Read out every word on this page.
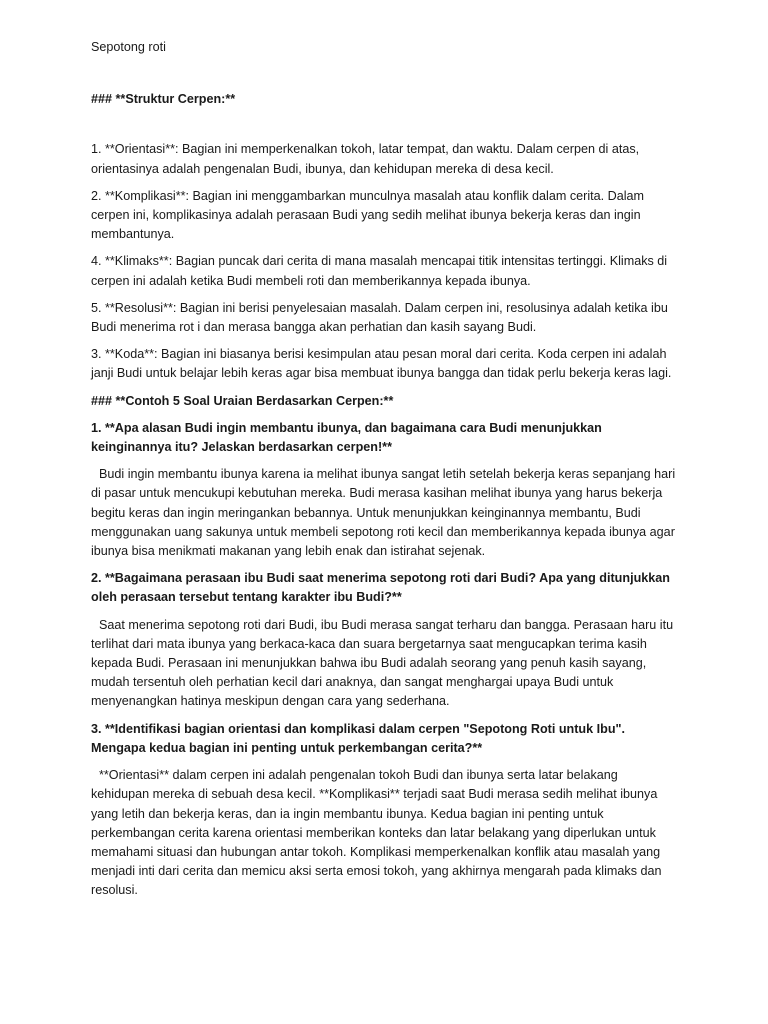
Sepotong roti
### **Struktur Cerpen:**

1. **Orientasi**: Bagian ini memperkenalkan tokoh, latar tempat, dan waktu. Dalam cerpen di atas, orientasinya adalah pengenalan Budi, ibunya, dan kehidupan mereka di desa kecil.

2. **Komplikasi**: Bagian ini menggambarkan munculnya masalah atau konflik dalam cerita. Dalam cerpen ini, komplikasinya adalah perasaan Budi yang sedih melihat ibunya bekerja keras dan ingin membantunya.

4. **Klimaks**: Bagian puncak dari cerita di mana masalah mencapai titik intensitas tertinggi. Klimaks di cerpen ini adalah ketika Budi membeli roti dan memberikannya kepada ibunya.

5. **Resolusi**: Bagian ini berisi penyelesaian masalah. Dalam cerpen ini, resolusinya adalah ketika ibu Budi menerima rot i dan merasa bangga akan perhatian dan kasih sayang Budi.

3. **Koda**: Bagian ini biasanya berisi kesimpulan atau pesan moral dari cerita. Koda cerpen ini adalah janji Budi untuk belajar lebih keras agar bisa membuat ibunya bangga dan tidak perlu bekerja keras lagi.

### **Contoh 5 Soal Uraian Berdasarkan Cerpen:**

1. **Apa alasan Budi ingin membantu ibunya, dan bagaimana cara Budi menunjukkan keinginannya itu? Jelaskan berdasarkan cerpen!**

Budi ingin membantu ibunya karena ia melihat ibunya sangat letih setelah bekerja keras sepanjang hari di pasar untuk mencukupi kebutuhan mereka. Budi merasa kasihan melihat ibunya yang harus bekerja begitu keras dan ingin meringankan bebannya. Untuk menunjukkan keinginannya membantu, Budi menggunakan uang sakunya untuk membeli sepotong roti kecil dan memberikannya kepada ibunya agar ibunya bisa menikmati makanan yang lebih enak dan istirahat sejenak.

2. **Bagaimana perasaan ibu Budi saat menerima sepotong roti dari Budi? Apa yang ditunjukkan oleh perasaan tersebut tentang karakter ibu Budi?**

Saat menerima sepotong roti dari Budi, ibu Budi merasa sangat terharu dan bangga. Perasaan haru itu terlihat dari mata ibunya yang berkaca-kaca dan suara bergetarnya saat mengucapkan terima kasih kepada Budi. Perasaan ini menunjukkan bahwa ibu Budi adalah seorang yang penuh kasih sayang, mudah tersentuh oleh perhatian kecil dari anaknya, dan sangat menghargai upaya Budi untuk menyenangkan hatinya meskipun dengan cara yang sederhana.

3. **Identifikasi bagian orientasi dan komplikasi dalam cerpen "Sepotong Roti untuk Ibu". Mengapa kedua bagian ini penting untuk perkembangan cerita?**

**Orientasi** dalam cerpen ini adalah pengenalan tokoh Budi dan ibunya serta latar belakang kehidupan mereka di sebuah desa kecil. **Komplikasi** terjadi saat Budi merasa sedih melihat ibunya yang letih dan bekerja keras, dan ia ingin membantu ibunya. Kedua bagian ini penting untuk perkembangan cerita karena orientasi memberikan konteks dan latar belakang yang diperlukan untuk memahami situasi dan hubungan antar tokoh. Komplikasi memperkenalkan konflik atau masalah yang menjadi inti dari cerita dan memicu aksi serta emosi tokoh, yang akhirnya mengarah pada klimaks dan resolusi.
